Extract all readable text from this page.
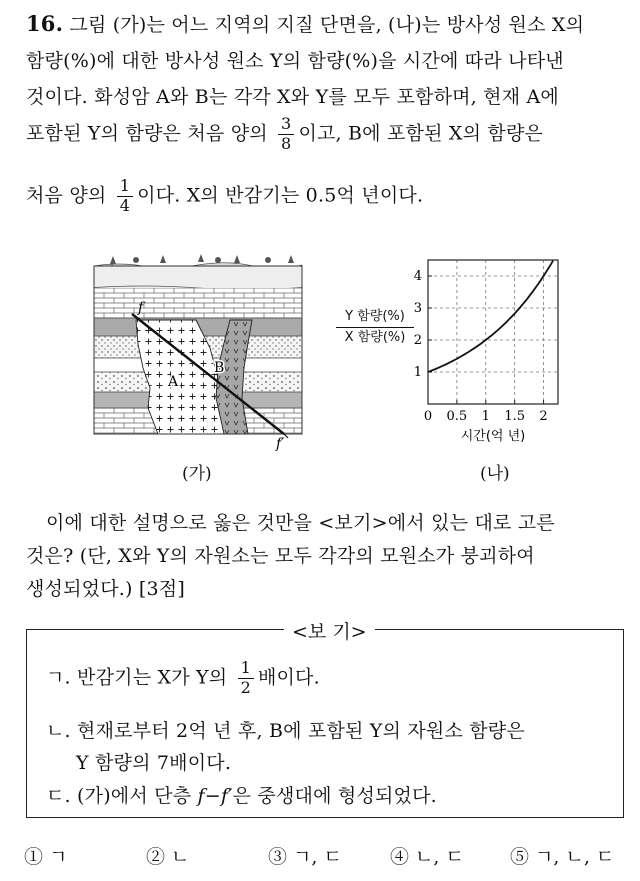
16. 그림 (가)는 어느 지역의 지질 단면을, (나)는 방사성 원소 X의
함량(%)에 대한 방사성 원소 Y의 함량(%)을 시간에 따라 나타낸
것이다. 화성암 A와 B는 각각 X와 Y를 모두 포함하며, 현재 A에
포함된 Y의 함량은 처음 양의 $\frac{3}{8}$ 이고, B에 포함된 X의 함량은
처음 양의 $\frac{1}{4}$ 이다. X의 반감기는 0.5억 년이다.
f
f′
A
B
(가)
Y 함량(%)
X 함량(%)
0 0.5 1 1.5 2
1
2
3
4
시간(억 년)
(나)
이에 대한 설명으로 옳은 것만을 <보기>에서 있는 대로 고른
것은? (단, X와 Y의 자원소는 모두 각각의 모원소가 붕괴하여
생성되었다.) [3점]
<보 기>
ㄱ. 반감기는 X가 Y의 $\frac{1}{2}$ 배이다.
ㄴ. 현재로부터 2억 년 후, B에 포함된 Y의 자원소 함량은
Y 함량의 7배이다.
ㄷ. (가)에서 단층 f−f′은 중생대에 형성되었다.
① ㄱ	② ㄴ	③ ㄱ, ㄷ	④ ㄴ, ㄷ ⑤ ㄱ, ㄴ, ㄷ
